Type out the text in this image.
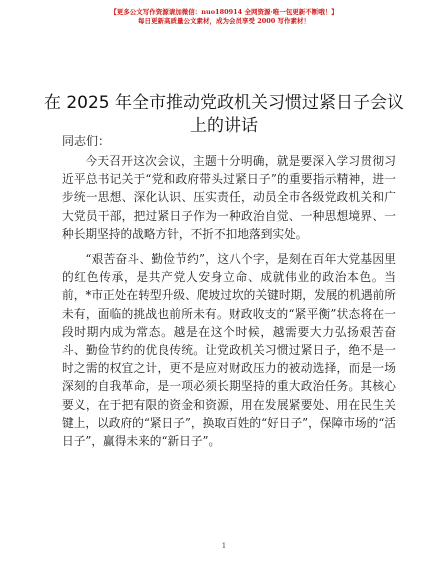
【更多公文写作资源请加微信：nuo180914 全网资源·唯一包更新不断哦！】
每日更新高质量公文素材，成为会员享受 2000 写作素材！
在 2025 年全市推动党政机关习惯过紧日子会议上的讲话
同志们：

今天召开这次会议，主题十分明确，就是要深入学习贯彻习近平总书记关于“党和政府带头过紧日子”的重要指示精神，进一步统一思想、深化认识、压实责任，动员全市各级党政机关和广大党员干部，把过紧日子作为一种政治自觉、一种思想境界、一种长期坚持的战略方针，不折不扣地落到实处。

“艰苦奋斗、勤俭节约”，这八个字，是刻在百年大党基因里的红色传承，是共产党人安身立命、成就伟业的政治本色。当前，*市正处在转型升级、爬坡过坎的关键时期，发展的机遇前所未有，面临的挑战也前所未有。财政收支的“紧平衡”状态将在一段时期内成为常态。越是在这个时候，越需要大力弘扬艰苦奋斗、勤俭节约的优良传统。让党政机关习惯过紧日子，绝不是一时之需的权宜之计，更不是应对财政压力的被动选择，而是一场深刻的自我革命，是一项必须长期坚持的重大政治任务。其核心要义，在于把有限的资金和资源，用在发展紧要处、用在民生关键上，以政府的“紧日子”，换取百姓的“好日子”，保障市场的“活日子”，赢得未来的“新日子”。

1
